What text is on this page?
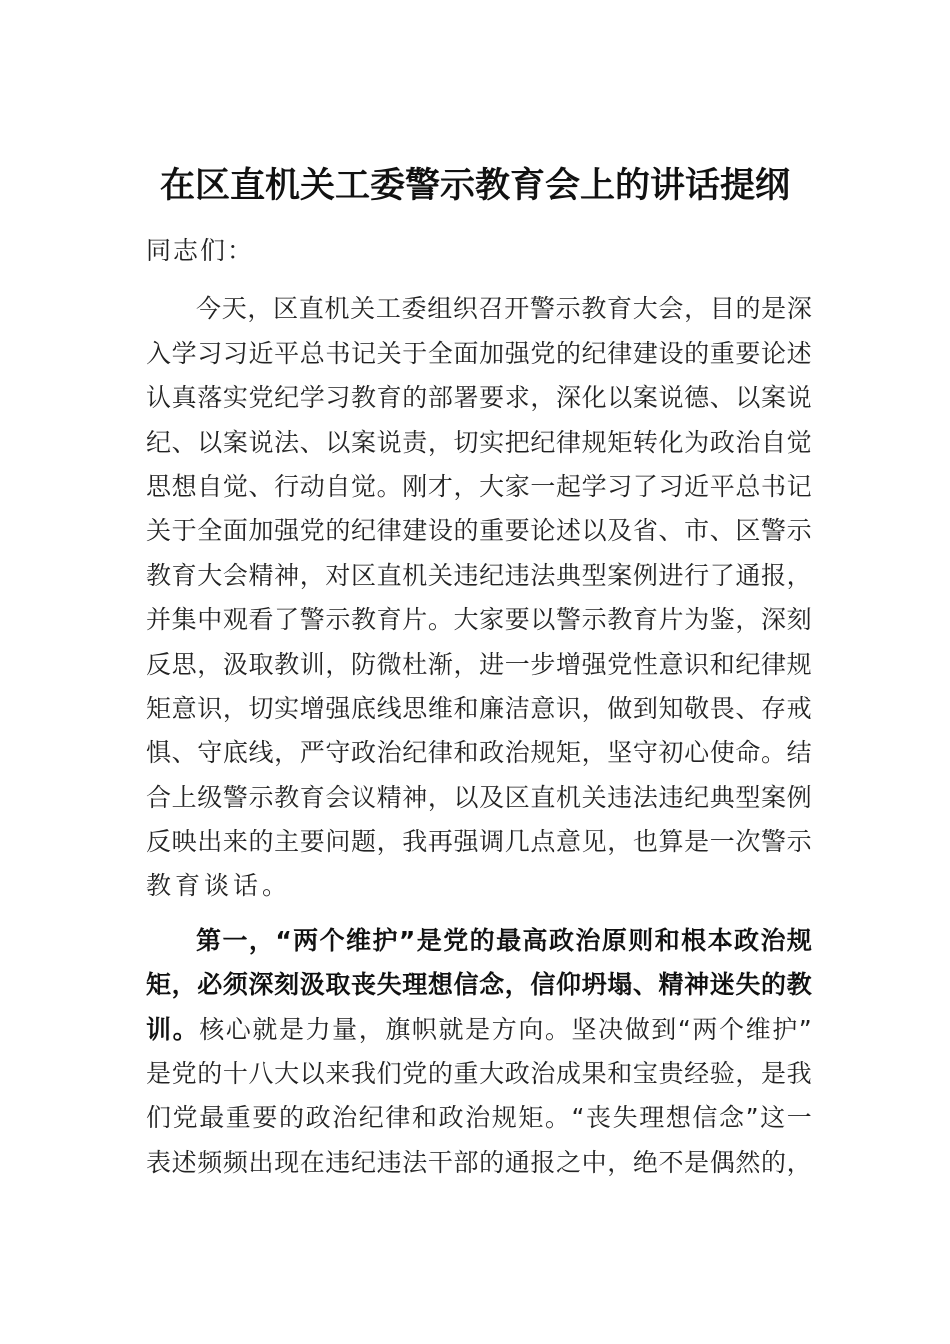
在区直机关工委警示教育会上的讲话提纲
同志们：
今 天 ， 区 直 机 关 工 委 组 织 召 开 警 示 教 育 大 会 ， 目 的 是 深
入 学 习 习 近 平 总 书 记 关 于 全 面 加 强 党 的 纪 律 建 设 的 重 要 论 述
认 真 落 实 党 纪 学 习 教 育 的 部 署 要 求 ， 深 化 以 案 说 德 、 以 案 说
纪 、 以 案 说 法 、 以 案 说 责 ， 切 实 把 纪 律 规 矩 转 化 为 政 治 自 觉
思 想 自 觉 、 行 动 自 觉 。 刚 才 ， 大 家 一 起 学 习 了 习 近 平 总 书 记
关 于 全 面 加 强 党 的 纪 律 建 设 的 重 要 论 述 以 及 省 、 市 、 区 警 示
教 育 大 会 精 神 ， 对 区 直 机 关 违 纪 违 法 典 型 案 例 进 行 了 通 报 ，
并 集 中 观 看 了 警 示 教 育 片 。 大 家 要 以 警 示 教 育 片 为 鉴 ， 深 刻
反 思 ， 汲 取 教 训 ， 防 微 杜 渐 ， 进 一 步 增 强 党 性 意 识 和 纪 律 规
矩 意 识 ， 切 实 增 强 底 线 思 维 和 廉 洁 意 识 ， 做 到 知 敬 畏 、 存 戒
惧 、 守 底 线 ， 严 守 政 治 纪 律 和 政 治 规 矩 ， 坚 守 初 心 使 命 。 结
合 上 级 警 示 教 育 会 议 精 神 ， 以 及 区 直 机 关 违 法 违 纪 典 型 案 例
反 映 出 来 的 主 要 问 题 ， 我 再 强 调 几 点 意 见 ， 也 算 是 一 次 警 示
教育谈话。
第 一 ， “ 两 个 维 护 ” 是 党 的 最 高 政 治 原 则 和 根 本 政 治 规
矩 ， 必 须 深 刻 汲 取 丧 失 理 想 信 念 ， 信 仰 坍 塌 、 精 神 迷 失 的 教
训 。 核 心 就 是 力 量 ， 旗 帜 就 是 方 向 。 坚 决 做 到 “ 两 个 维 护 ”
是 党 的 十 八 大 以 来 我 们 党 的 重 大 政 治 成 果 和 宝 贵 经 验 ， 是 我
们 党 最 重 要 的 政 治 纪 律 和 政 治 规 矩 。 “ 丧 失 理 想 信 念 ” 这 一
表 述 频 频 出 现 在 违 纪 违 法 干 部 的 通 报 之 中 ， 绝 不 是 偶 然 的 ，
